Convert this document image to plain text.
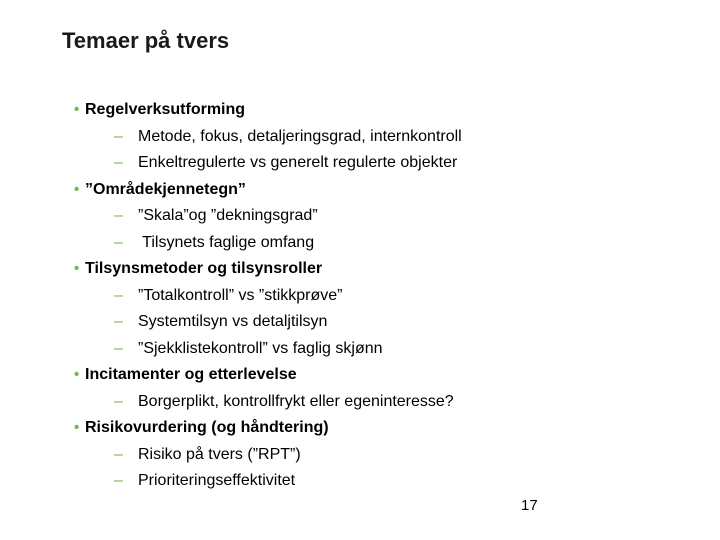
Temaer på tvers
• Regelverksutforming
– Metode, fokus, detaljeringsgrad, internkontroll
– Enkeltregulerte vs generelt regulerte objekter
• ”Områdekjennetegn”
– ”Skala”og ”dekningsgrad”
– Tilsynets faglige omfang
• Tilsynsmetoder og tilsynsroller
– ”Totalkontroll” vs ”stikkprøve”
– Systemtilsyn vs detaljtilsyn
– ”Sjekklistekontroll” vs faglig skjønn
• Incitamenter og etterlevelse
– Borgerplikt, kontrollfrykt eller egeninteresse?
• Risikovurdering (og håndtering)
– Risiko på tvers (”RPT”)
– Prioriteringseffektivitet
17
